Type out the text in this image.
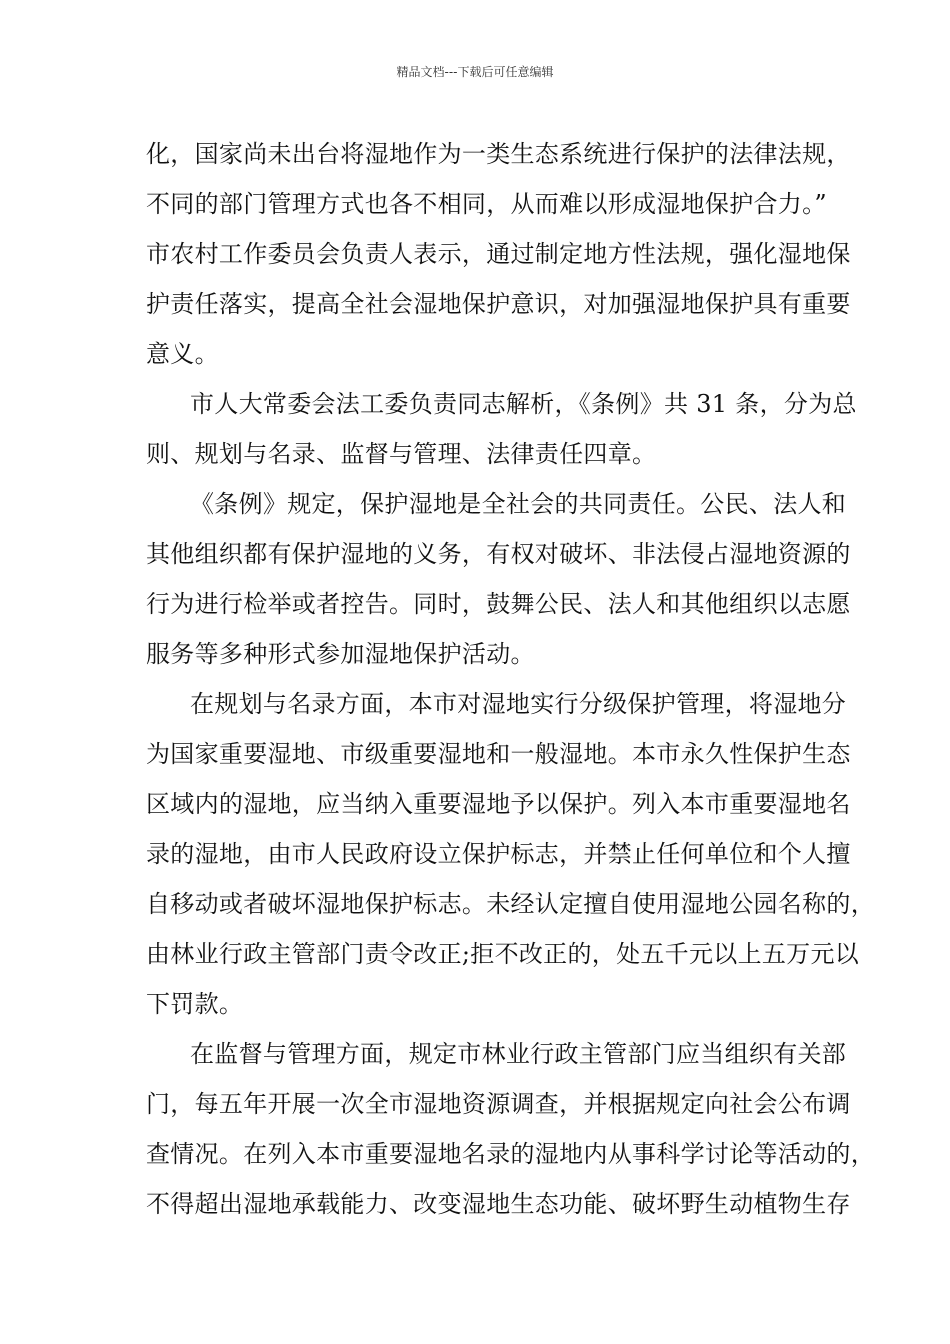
精品文档---下载后可任意编辑
化，国家尚未出台将湿地作为一类生态系统进行保护的法律法规，
不同的部门管理方式也各不相同，从而难以形成湿地保护合力。”
市农村工作委员会负责人表示，通过制定地方性法规，强化湿地保
护责任落实，提高全社会湿地保护意识，对加强湿地保护具有重要
意义。
市人大常委会法工委负责同志解析，《条例》共 31 条，分为总
则、规划与名录、监督与管理、法律责任四章。
《条例》规定，保护湿地是全社会的共同责任。公民、法人和
其他组织都有保护湿地的义务，有权对破坏、非法侵占湿地资源的
行为进行检举或者控告。同时，鼓舞公民、法人和其他组织以志愿
服务等多种形式参加湿地保护活动。
在规划与名录方面，本市对湿地实行分级保护管理，将湿地分
为国家重要湿地、市级重要湿地和一般湿地。本市永久性保护生态
区域内的湿地，应当纳入重要湿地予以保护。列入本市重要湿地名
录的湿地，由市人民政府设立保护标志，并禁止任何单位和个人擅
自移动或者破坏湿地保护标志。未经认定擅自使用湿地公园名称的，
由林业行政主管部门责令改正;拒不改正的，处五千元以上五万元以
下罚款。
在监督与管理方面，规定市林业行政主管部门应当组织有关部
门，每五年开展一次全市湿地资源调查，并根据规定向社会公布调
查情况。在列入本市重要湿地名录的湿地内从事科学讨论等活动的，
不得超出湿地承载能力、改变湿地生态功能、破坏野生动植物生存
